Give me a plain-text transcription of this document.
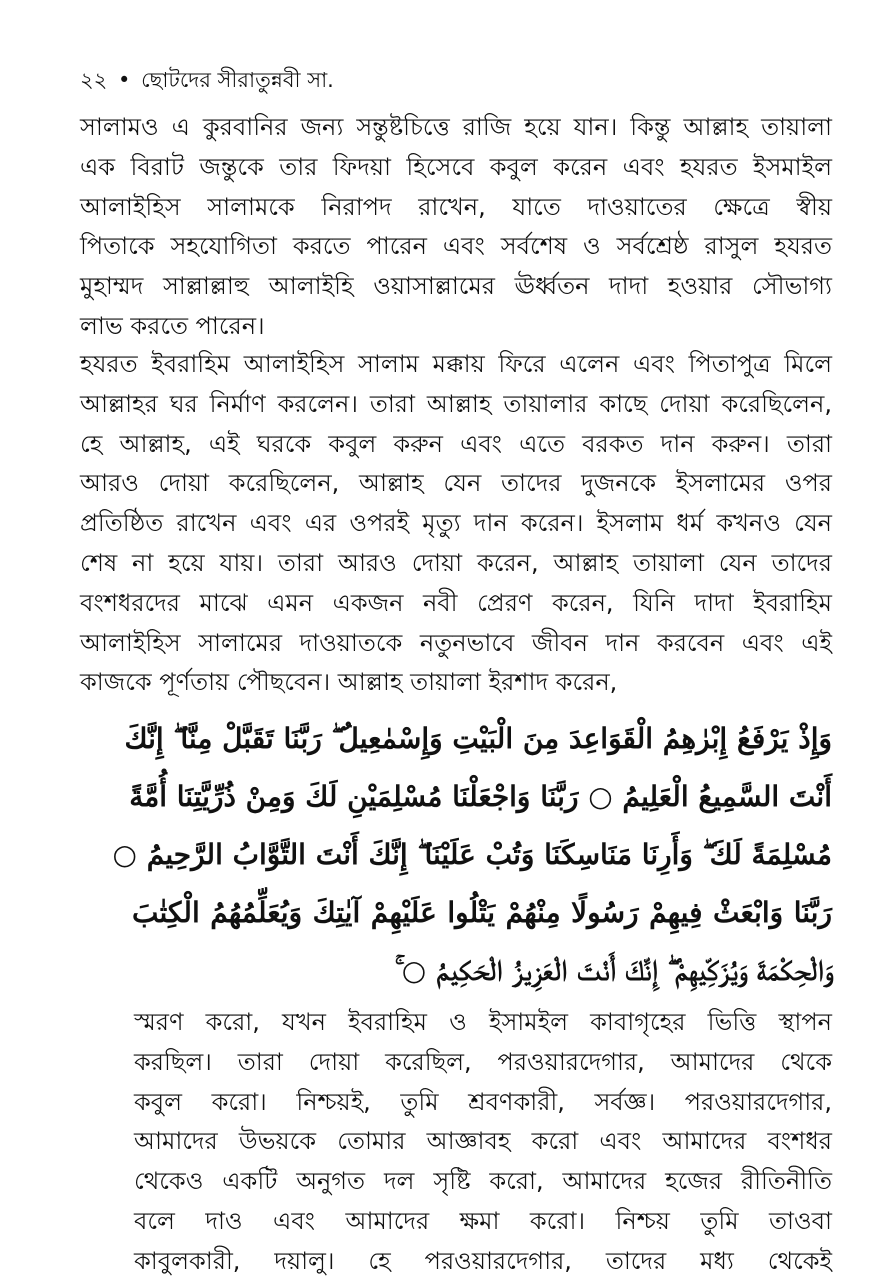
২২ • ছোটদের সীরাতুন্নবী সা.
সালামও এ কুরবানির জন্য সন্তুষ্টচিত্তে রাজি হয়ে যান। কিন্তু আল্লাহ তায়ালা
এক বিরাট জন্তুকে তার ফিদয়া হিসেবে কবুল করেন এবং হযরত ইসমাইল
আলাইহিস সালামকে নিরাপদ রাখেন, যাতে দাওয়াতের ক্ষেত্রে স্বীয়
পিতাকে সহযোগিতা করতে পারেন এবং সর্বশেষ ও সর্বশ্রেষ্ঠ রাসুল হযরত
মুহাম্মদ সাল্লাল্লাহু আলাইহি ওয়াসাল্লামের ঊর্ধ্বতন দাদা হওয়ার সৌভাগ্য
লাভ করতে পারেন।
হযরত ইবরাহিম আলাইহিস সালাম মক্কায় ফিরে এলেন এবং পিতাপুত্র মিলে
আল্লাহর ঘর নির্মাণ করলেন। তারা আল্লাহ তায়ালার কাছে দোয়া করেছিলেন,
হে আল্লাহ, এই ঘরকে কবুল করুন এবং এতে বরকত দান করুন। তারা
আরও দোয়া করেছিলেন, আল্লাহ যেন তাদের দুজনকে ইসলামের ওপর
প্রতিষ্ঠিত রাখেন এবং এর ওপরই মৃত্যু দান করেন। ইসলাম ধর্ম কখনও যেন
শেষ না হয়ে যায়। তারা আরও দোয়া করেন, আল্লাহ তায়ালা যেন তাদের
বংশধরদের মাঝে এমন একজন নবী প্রেরণ করেন, যিনি দাদা ইবরাহিম
আলাইহিস সালামের দাওয়াতকে নতুনভাবে জীবন দান করবেন এবং এই
কাজকে পূর্ণতায় পৌছবেন। আল্লাহ তায়ালা ইরশাদ করেন,
وَإِذْ يَرْفَعُ إِبْرٰهِمُ الْقَوَاعِدَ مِنَ الْبَيْتِ وَإِسْمٰعِيلُ ۖ رَبَّنَا تَقَبَّلْ مِنَّا ۖ إِنَّكَ
أَنْتَ السَّمِيعُ الْعَلِيمُ ○ رَبَّنَا وَاجْعَلْنَا مُسْلِمَيْنِ لَكَ وَمِنْ ذُرِّيَّتِنَا أُمَّةً
مُسْلِمَةً لَكَ ۖ وَأَرِنَا مَنَاسِكَنَا وَتُبْ عَلَيْنَا ۖ إِنَّكَ أَنْتَ التَّوَّابُ الرَّحِيمُ ○
رَبَّنَا وَابْعَثْ فِيهِمْ رَسُولًا مِنْهُمْ يَتْلُوا عَلَيْهِمْ آيٰتِكَ وَيُعَلِّمُهُمُ الْكِتٰبَ
وَالْحِكْمَةَ وَيُزَكِّيهِمْ ۖ إِنَّكَ أَنْتَ الْعَزِيزُ الْحَكِيمُ ○ ۚ
স্মরণ করো, যখন ইবরাহিম ও ইসামইল কাবাগৃহের ভিত্তি স্থাপন
করছিল। তারা দোয়া করেছিল, পরওয়ারদেগার, আমাদের থেকে
কবুল করো। নিশ্চয়ই, তুমি শ্রবণকারী, সর্বজ্ঞ। পরওয়ারদেগার,
আমাদের উভয়কে তোমার আজ্ঞাবহ করো এবং আমাদের বংশধর
থেকেও একটি অনুগত দল সৃষ্টি করো, আমাদের হজের রীতিনীতি
বলে দাও এবং আমাদের ক্ষমা করো। নিশ্চয় তুমি তাওবা
কাবুলকারী, দয়ালু। হে পরওয়ারদেগার, তাদের মধ্য থেকেই
